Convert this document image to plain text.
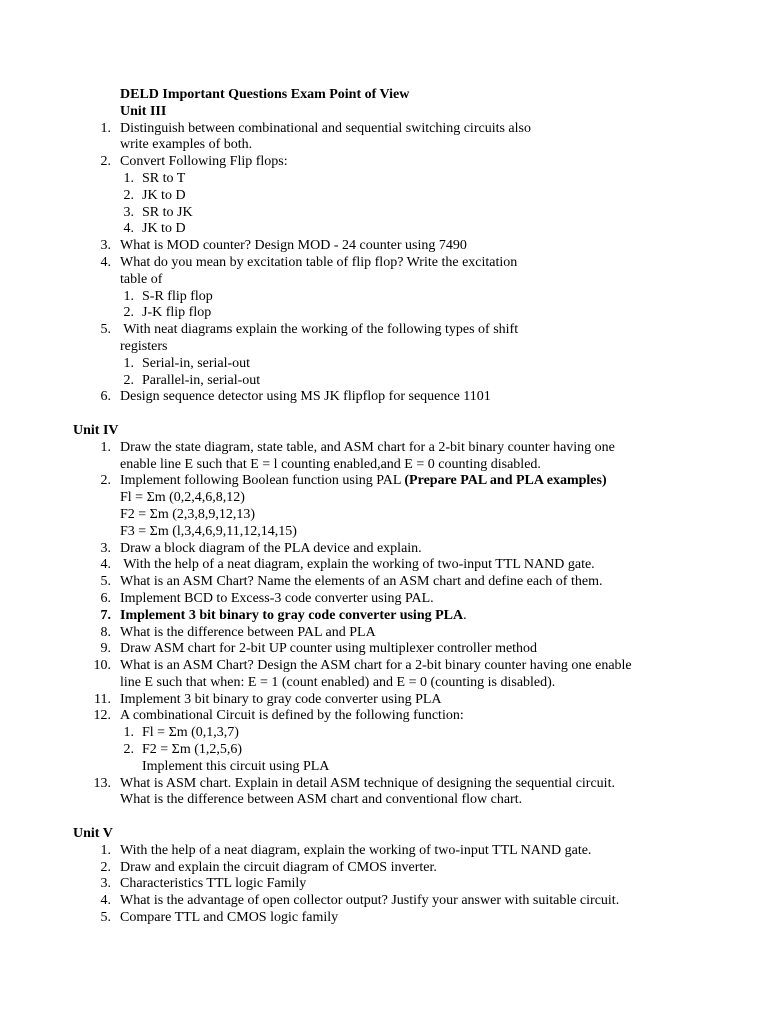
DELD Important Questions Exam Point of View
Unit III
1. Distinguish between combinational and sequential switching circuits also
write examples of both.
2. Convert Following Flip flops:
1. SR to T
2. JK to D
3. SR to JK
4. JK to D
3. What is MOD counter? Design MOD - 24 counter using 7490
4. What do you mean by excitation table of flip flop? Write the excitation
table of
1. S-R flip flop
2. J-K flip flop
5. With neat diagrams explain the working of the following types of shift
registers
1. Serial-in, serial-out
2. Parallel-in, serial-out
6. Design sequence detector using MS JK flipflop for sequence 1101
Unit IV
1. Draw the state diagram, state table, and ASM chart for a 2-bit binary counter having one
enable line E such that E = l counting enabled,and E = 0 counting disabled.
2. Implement following Boolean function using PAL (Prepare PAL and PLA examples)
Fl = Σm (0,2,4,6,8,12)
F2 = Σm (2,3,8,9,12,13)
F3 = Σm (l,3,4,6,9,11,12,14,15)
3. Draw a block diagram of the PLA device and explain.
4. With the help of a neat diagram, explain the working of two-input TTL NAND gate.
5. What is an ASM Chart? Name the elements of an ASM chart and define each of them.
6. Implement BCD to Excess-3 code converter using PAL.
7. Implement 3 bit binary to gray code converter using PLA.
8. What is the difference between PAL and PLA
9. Draw ASM chart for 2-bit UP counter using multiplexer controller method
10. What is an ASM Chart? Design the ASM chart for a 2-bit binary counter having one enable
line E such that when: E = 1 (count enabled) and E = 0 (counting is disabled).
11. Implement 3 bit binary to gray code converter using PLA
12. A combinational Circuit is defined by the following function:
1. Fl = Σm (0,1,3,7)
2. F2 = Σm (1,2,5,6)
Implement this circuit using PLA
13. What is ASM chart. Explain in detail ASM technique of designing the sequential circuit.
What is the difference between ASM chart and conventional flow chart.
Unit V
1. With the help of a neat diagram, explain the working of two-input TTL NAND gate.
2. Draw and explain the circuit diagram of CMOS inverter.
3. Characteristics TTL logic Family
4. What is the advantage of open collector output? Justify your answer with suitable circuit.
5. Compare TTL and CMOS logic family
